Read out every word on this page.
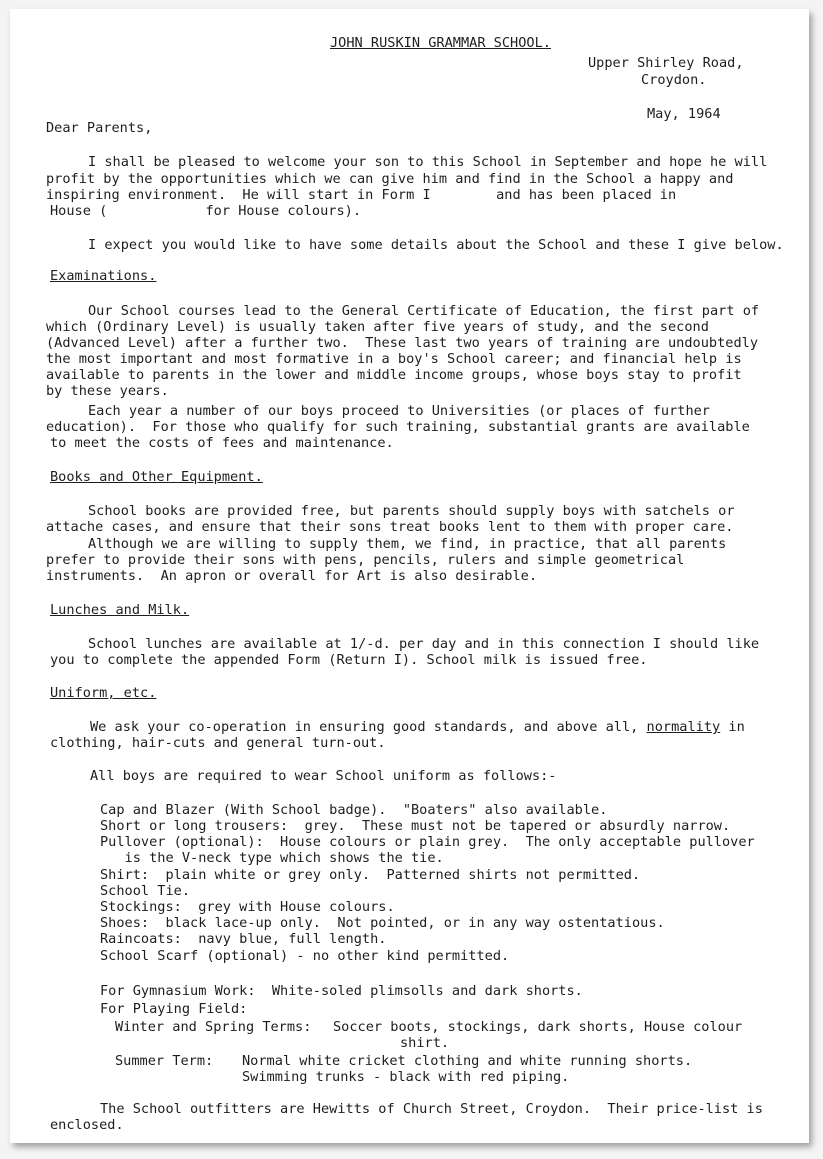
JOHN RUSKIN GRAMMAR SCHOOL.
Upper Shirley Road,
Croydon.
May, 1964
Dear Parents,
I shall be pleased to welcome your son to this School in September and hope he will
profit by the opportunities which we can give him and find in the School a happy and
inspiring environment.  He will start in Form I        and has been placed in
House (            for House colours).
I expect you would like to have some details about the School and these I give below.
Examinations.
Our School courses lead to the General Certificate of Education, the first part of
which (Ordinary Level) is usually taken after five years of study, and the second
(Advanced Level) after a further two.  These last two years of training are undoubtedly
the most important and most formative in a boy's School career; and financial help is
available to parents in the lower and middle income groups, whose boys stay to profit
by these years.
Each year a number of our boys proceed to Universities (or places of further
education).  For those who qualify for such training, substantial grants are available
to meet the costs of fees and maintenance.
Books and Other Equipment.
School books are provided free, but parents should supply boys with satchels or
attache cases, and ensure that their sons treat books lent to them with proper care.
Although we are willing to supply them, we find, in practice, that all parents
prefer to provide their sons with pens, pencils, rulers and simple geometrical
instruments.  An apron or overall for Art is also desirable.
Lunches and Milk.
School lunches are available at 1/-d. per day and in this connection I should like
you to complete the appended Form (Return I). School milk is issued free.
Uniform, etc.
We ask your co-operation in ensuring good standards, and above all, normality in
clothing, hair-cuts and general turn-out.
All boys are required to wear School uniform as follows:-
Cap and Blazer (With School badge).  "Boaters" also available.
Short or long trousers:  grey.  These must not be tapered or absurdly narrow.
Pullover (optional):  House colours or plain grey.  The only acceptable pullover
is the V-neck type which shows the tie.
Shirt:  plain white or grey only.  Patterned shirts not permitted.
School Tie.
Stockings:  grey with House colours.
Shoes:  black lace-up only.  Not pointed, or in any way ostentatious.
Raincoats:  navy blue, full length.
School Scarf (optional) - no other kind permitted.
For Gymnasium Work:  White-soled plimsolls and dark shorts.
For Playing Field:
Winter and Spring Terms: Soccer boots, stockings, dark shorts, House colour
shirt.
Summer Term: Normal white cricket clothing and white running shorts.
Swimming trunks - black with red piping.
The School outfitters are Hewitts of Church Street, Croydon.  Their price-list is
enclosed.
